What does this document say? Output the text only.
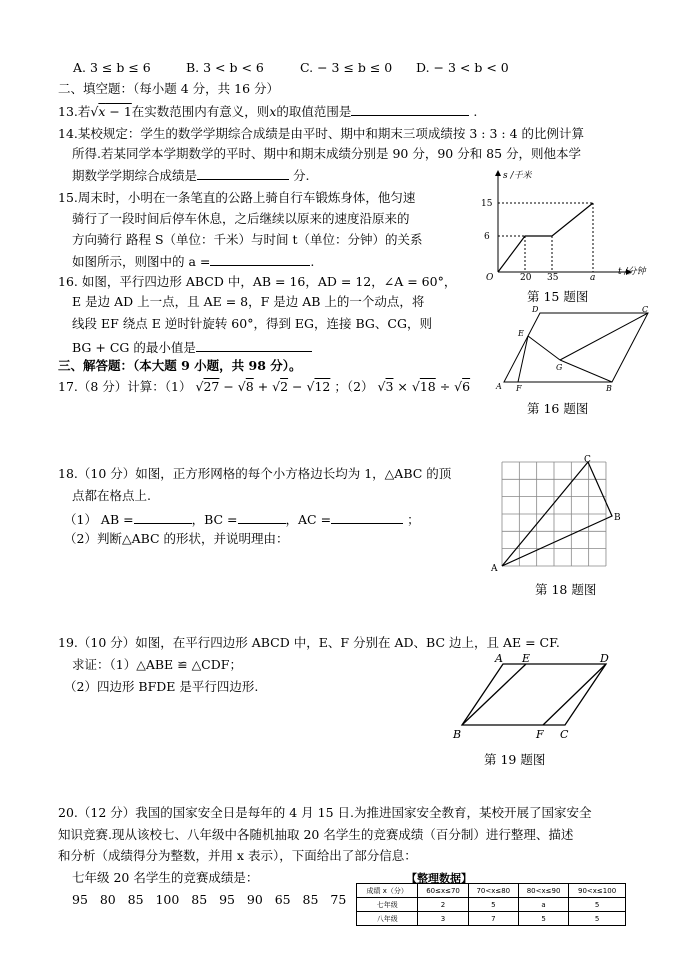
A. 3 ≤ b ≤ 6	B. 3 < b < 6	C. − 3 ≤ b ≤ 0 D. − 3 < b < 0
二、填空题：（每小题 4 分，共 16 分）
13.若√x − 1在实数范围内有意义，则x的取值范围是	.
14.某校规定：学生的数学学期综合成绩是由平时、期中和期末三项成绩按 3 : 3 : 4 的比例计算
所得.若某同学本学期数学的平时、期中和期末成绩分别是 90 分，90 分和 85 分，则他本学
期数学学期综合成绩是	分.
15.周末时，小明在一条笔直的公路上骑自行车锻炼身体，他匀速
骑行了一段时间后停车休息，之后继续以原来的速度沿原来的
方向骑行 路程 S（单位：千米）与时间 t（单位：分钟）的关系
如图所示，则图中的 a =	.
s /千米
t /分钟
O
15
6
20 35	a
第 15 题图
16. 如图，平行四边形 ABCD 中，AB = 16，AD = 12，∠A = 60°，
E 是边 AD 上一点，且 AE = 8，F 是边 AB 上的一个动点，将
线段 EF 绕点 E 逆时针旋转 60°，得到 EG，连接 BG、CG，则
BG + CG 的最小值是
D	C
E
G
A F	B
第 16 题图
三、解答题：（本大题 9 小题，共 98 分）。
17.（8 分）计算：（1） √27 − √8 + √2 − √12 ；（2） √3 × √18 ÷ √6
18.（10 分）如图，正方形网格的每个小方格边长均为 1，△ABC 的顶
点都在格点上.
（1） AB =	，BC =	，AC =	；
（2）判断△ABC 的形状，并说明理由：
C
B
A
第 18 题图
19.（10 分）如图，在平行四边形 ABCD 中，E、F 分别在 AD、BC 边上，且 AE = CF.
求证：（1）△ABE ≌ △CDF；
（2）四边形 BFDE 是平行四边形.
A E	D
B	F C
第 19 题图
20.（12 分）我国的国家安全日是每年的 4 月 15 日.为推进国家安全教育，某校开展了国家安全
知识竞赛.现从该校七、八年级中各随机抽取 20 名学生的竞赛成绩（百分制）进行整理、描述
和分析（成绩得分为整数，并用 x 表示），下面给出了部分信息：
七年级 20 名学生的竞赛成绩是：
95   80   85   100   85   95   90   65   85   75
【整理数据】
成绩 x（分）	60≤x≤70	70<x≤80	80<x≤90	90<x≤100
七年级	2	5	a	5
八年级	3	7	5	5
